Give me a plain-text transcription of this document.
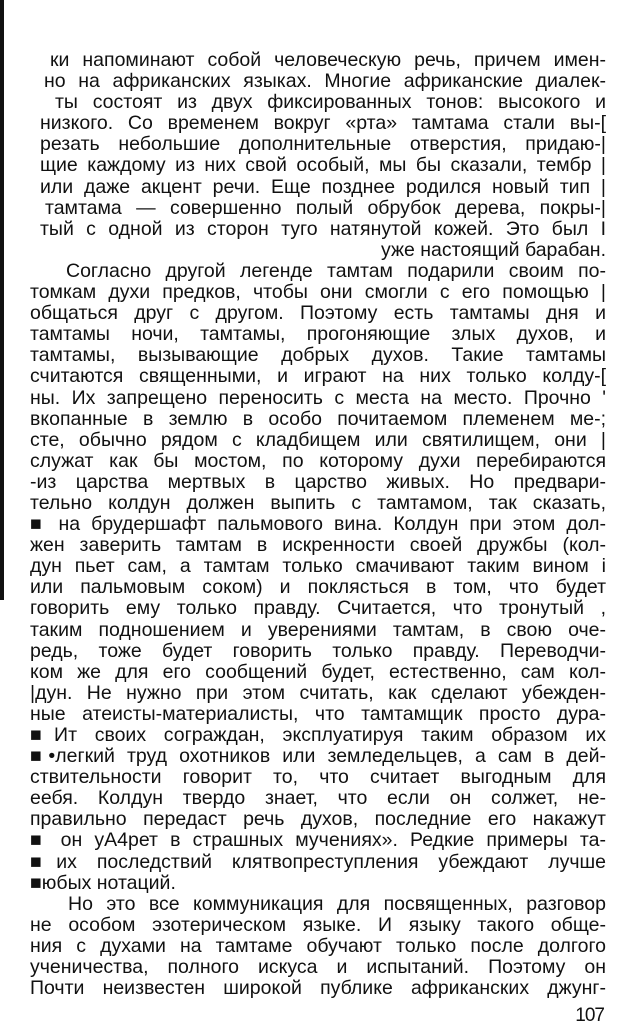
ки напоминают собой человеческую речь, причем имен-
но на африканских языках. Многие африканские диалек-
ты состоят из двух фиксированных тонов: высокого и
низкого. Со временем вокруг «рта» тамтама стали вы-[
резать небольшие дополнительные отверстия, придаю-|
щие каждому из них свой особый, мы бы сказали, тембр |
или даже акцент речи. Еще позднее родился новый тип |
тамтама — совершенно полый обрубок дерева, покры-|
тый с одной из сторон туго натянутой кожей. Это был I
уже настоящий барабан.
Согласно другой легенде тамтам подарили своим по-
томкам духи предков, чтобы они смогли с его помощью |
общаться друг с другом. Поэтому есть тамтамы дня и
тамтамы ночи, тамтамы, прогоняющие злых духов, и
тамтамы, вызывающие добрых духов. Такие тамтамы
считаются священными, и играют на них только колду-[
ны. Их запрещено переносить с места на место. Прочно '
вкопанные в землю в особо почитаемом племенем ме-;
сте, обычно рядом с кладбищем или святилищем, они |
служат как бы мостом, по которому духи перебираются
-из царства мертвых в царство живых. Но предвари-
тельно колдун должен выпить с тамтамом, так сказать,
■ на брудершафт пальмового вина. Колдун при этом дол-
жен заверить тамтам в искренности своей дружбы (кол-
дун пьет сам, а тамтам только смачивают таким вином i
или пальмовым соком) и поклясться в том, что будет
говорить ему только правду. Считается, что тронутый ,
таким подношением и уверениями тамтам, в свою оче-
редь, тоже будет говорить только правду. Переводчи-
ком же для его сообщений будет, естественно, сам кол-
|дун. Не нужно при этом считать, как сделают убежден-
ные атеисты-материалисты, что тамтамщик просто дура-
■Ит своих сограждан, эксплуатируя таким образом их
■•легкий труд охотников или земледельцев, а сам в дей-
ствительности говорит то, что считает выгодным для
еебя. Колдун твердо знает, что если он солжет, не-
правильно передаст речь духов, последние его накажут
■ он уА4рет в страшных мучениях». Редкие примеры та-
■их последствий клятвопреступления убеждают лучше
■юбых нотаций.
Но это все коммуникация для посвященных, разговор
не особом эзотерическом языке. И языку такого обще-
ния с духами на тамтаме обучают только после долгого
ученичества, полного искуса и испытаний. Поэтому он
Почти неизвестен широкой публике африканских джунг-
107
